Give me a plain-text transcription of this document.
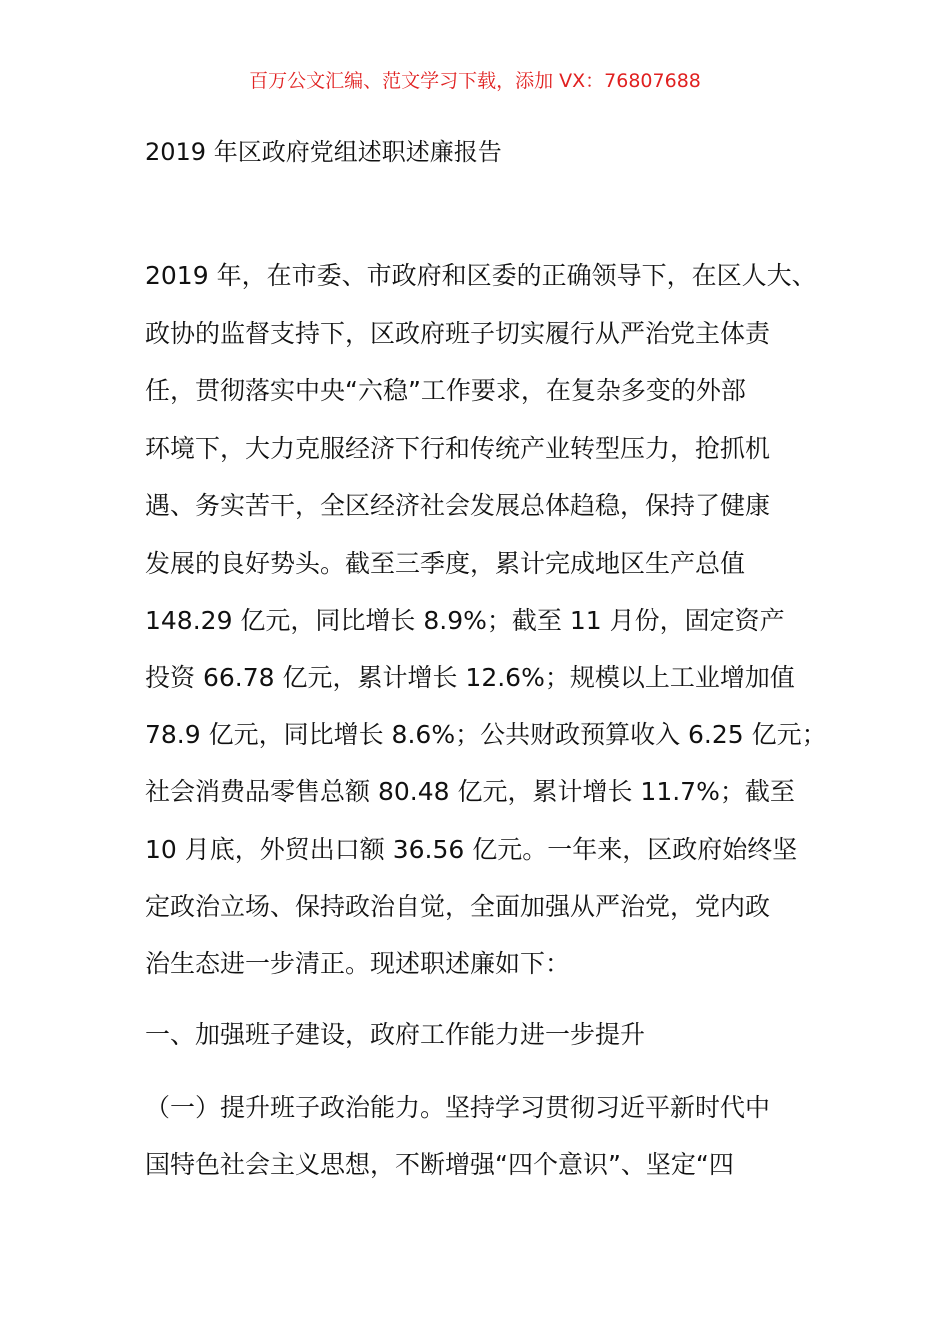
百万公文汇编、范文学习下载，添加 VX：76807688
2019 年区政府党组述职述廉报告
2019 年，在市委、市政府和区委的正确领导下，在区人大、
政协的监督支持下，区政府班子切实履行从严治党主体责
任，贯彻落实中央“六稳”工作要求，在复杂多变的外部
环境下，大力克服经济下行和传统产业转型压力，抢抓机
遇、务实苦干，全区经济社会发展总体趋稳，保持了健康
发展的良好势头。截至三季度，累计完成地区生产总值
148.29 亿元，同比增长 8.9%；截至 11 月份，固定资产
投资 66.78 亿元，累计增长 12.6%；规模以上工业增加值
78.9 亿元，同比增长 8.6%；公共财政预算收入 6.25 亿元；
社会消费品零售总额 80.48 亿元，累计增长 11.7%；截至
10 月底，外贸出口额 36.56 亿元。一年来，区政府始终坚
定政治立场、保持政治自觉，全面加强从严治党，党内政
治生态进一步清正。现述职述廉如下：
一、加强班子建设，政府工作能力进一步提升
（一）提升班子政治能力。坚持学习贯彻习近平新时代中
国特色社会主义思想，不断增强“四个意识”、坚定“四
